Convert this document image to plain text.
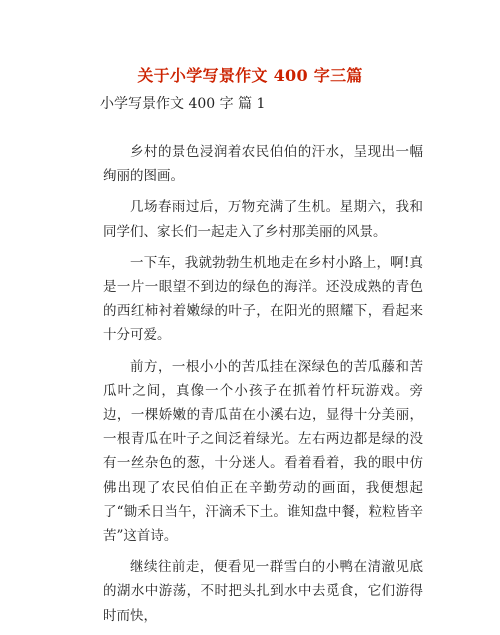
关于小学写景作文 400 字三篇
小学写景作文 400 字 篇 1

乡村的景色浸润着农民伯伯的汗水，呈现出一幅绚丽的图画。

几场春雨过后，万物充满了生机。星期六，我和同学们、家长们一起走入了乡村那美丽的风景。

一下车，我就勃勃生机地走在乡村小路上，啊!真是一片一眼望不到边的绿色的海洋。还没成熟的青色的西红柿衬着嫩绿的叶子，在阳光的照耀下，看起来十分可爱。

前方，一根小小的苦瓜挂在深绿色的苦瓜藤和苦瓜叶之间，真像一个小孩子在抓着竹杆玩游戏。旁边，一棵娇嫩的青瓜苗在小溪右边，显得十分美丽，一根青瓜在叶子之间泛着绿光。左右两边都是绿的没有一丝杂色的葱，十分迷人。看着看着，我的眼中仿佛出现了农民伯伯正在辛勤劳动的画面，我便想起了“锄禾日当午，汗滴禾下土。谁知盘中餐，粒粒皆辛苦”这首诗。

继续往前走，便看见一群雪白的小鸭在清澈见底的湖水中游荡，不时把头扎到水中去觅食，它们游得时而快，
